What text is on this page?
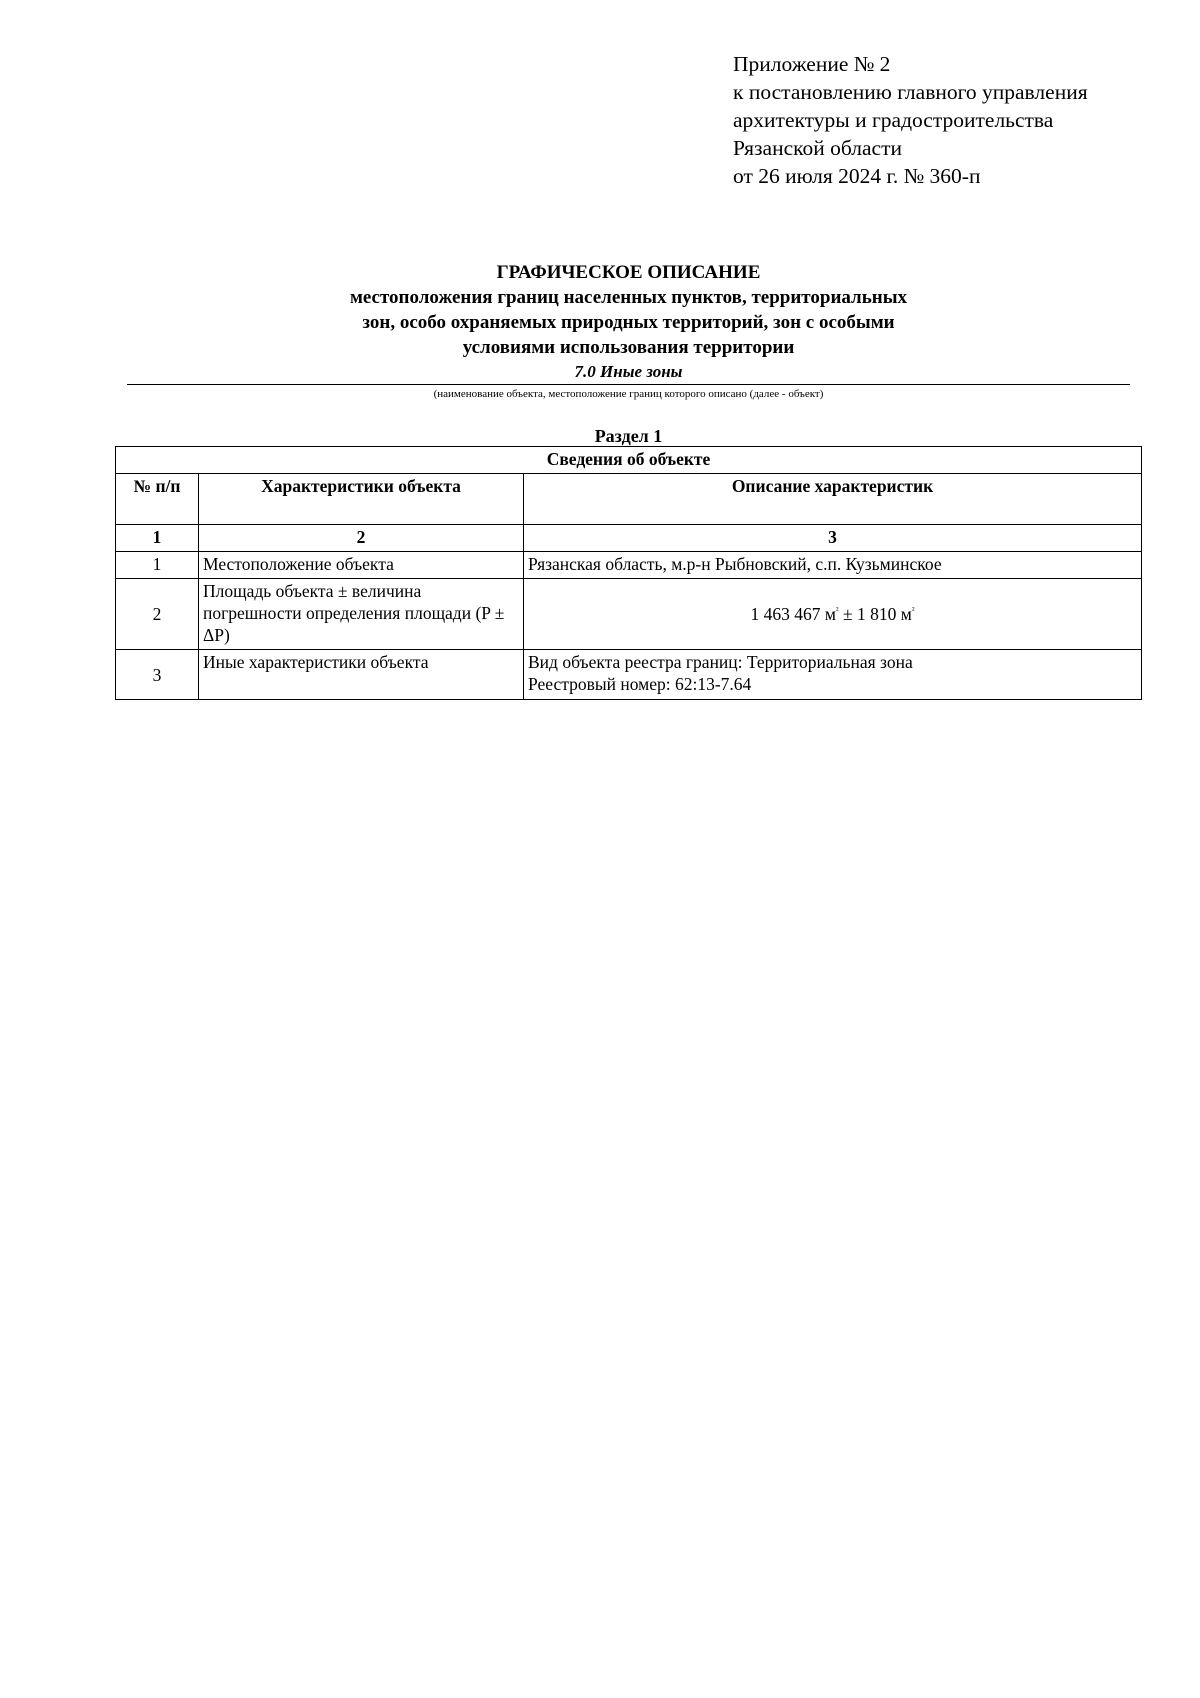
Приложение № 2
к постановлению главного управления
архитектуры и градостроительства
Рязанской области
от 26 июля 2024 г. № 360-п
ГРАФИЧЕСКОЕ ОПИСАНИЕ
местоположения границ населенных пунктов, территориальных
зон, особо охраняемых природных территорий, зон с особыми
условиями использования территории
7.0 Иные зоны
(наименование объекта, местоположение границ которого описано (далее - объект)
Раздел 1
Сведения об объекте		
№ п/п	Характеристики объекта	Описание характеристик
1	2	3
1	Местоположение объекта	Рязанская область, м.р-н Рыбновский, с.п. Кузьминское
2	Площадь объекта ± величина погрешности определения площади (P ± ΔP)	1 463 467 $м^{^2} \pm 1$ 810 $м^{^2}$
3	Иные характеристики объекта	Вид объекта реестра границ: Территориальная зона
Реестровый номер: 62:13-7.64
